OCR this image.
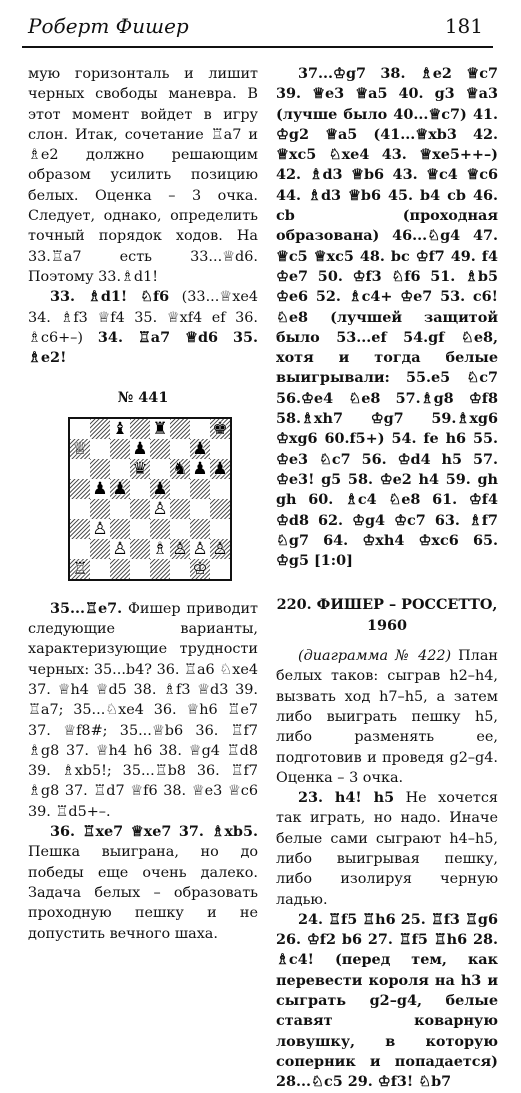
Роберт Фишер	181

мую горизонталь и лишит черных свободы маневра. В этот момент войдет в игру слон. Итак, сочетание ♖a7 и ♗e2 должно решающим образом усилить позицию белых. Оценка – 3 очка. Следует, однако, определить точный порядок ходов. На 33.♖a7 есть 33...♕d6. Поэтому 33.♗d1!

33. ♗d1! ♘f6 (33...♕xe4 34. ♗f3 ♕f4 35. ♕xf4 ef 36. ♗c6+–) 34. ♖a7 ♕d6 35. ♗e2!

№ 441
♕
♝ ♜	♚
♟	♟
♞
♛	♟
♟ ♟ ♟
♟
♙
♙
♙	♙ ♙
♗
♔
♙
♖

35...♖e7. Фишер приводит следующие варианты, характеризующие трудности черных: 35...b4? 36. ♖a6 ♘xe4 37. ♕h4 ♕d5 38. ♗f3 ♕d3 39. ♖a7; 35...♘xe4 36. ♕h6 ♖e7 37. ♕f8#; 35...♕b6 36. ♖f7 ♗g8 37. ♕h4 h6 38. ♕g4 ♖d8 39. ♗xb5!; 35...♖b8 36. ♖f7 ♗g8 37. ♖d7 ♕f6 38. ♕e3 ♕c6 39. ♖d5+–.

36. ♖xe7 ♕xe7 37. ♗xb5. Пешка выиграна, но до победы еще очень далеко. Задача белых – образовать проходную пешку и не допустить вечного шаха.

37...♔g7 38. ♗e2 ♕c7 39. ♕e3 ♕a5 40. g3 ♕a3 (лучше было 40...♕c7) 41. ♔g2 ♕a5 (41...♕xb3 42. ♕xc5 ♘xe4 43. ♕xe5++–) 42. ♗d3 ♕b6 43. ♕c4 ♕c6 44. ♗d3 ♕b6 45. b4 cb 46. cb (проходная образована) 46...♘g4 47. ♕c5 ♕xc5 48. bc ♔f7 49. f4 ♔e7 50. ♔f3 ♘f6 51. ♗b5 ♔e6 52. ♗c4+ ♔e7 53. c6! ♘e8 (лучшей защитой было 53...ef 54.gf ♘e8, хотя и тогда белые выигрывали: 55.e5 ♘c7 56.♔e4 ♘e8 57.♗g8 ♔f8 58.♗xh7 ♔g7 59.♗xg6 ♔xg6 60.f5+) 54. fe h6 55. ♔e3 ♘c7 56. ♔d4 h5 57. ♔e3! g5 58. ♔e2 h4 59. gh gh 60. ♗c4 ♘e8 61. ♔f4 ♔d8 62. ♔g4 ♔c7 63. ♗f7 ♘g7 64. ♔xh4 ♔xc6 65. ♔g5 [1:0]

220. ФИШЕР – РОССЕТТО, 1960

(диаграмма № 422) План белых таков: сыграв h2–h4, вызвать ход h7–h5, а затем либо выиграть пешку h5, либо разменять ее, подготовив и проведя g2–g4. Оценка – 3 очка.

23. h4! h5 Не хочется так играть, но надо. Иначе белые сами сыграют h4–h5, либо выигрывая пешку, либо изолируя черную ладью.

24. ♖f5 ♖h6 25. ♖f3 ♖g6 26. ♔f2 b6 27. ♖f5 ♖h6 28. ♗c4! (перед тем, как перевести короля на h3 и сыграть g2–g4, белые ставят коварную ловушку, в которую соперник и попадается) 28...♘c5 29. ♔f3! ♘b7
